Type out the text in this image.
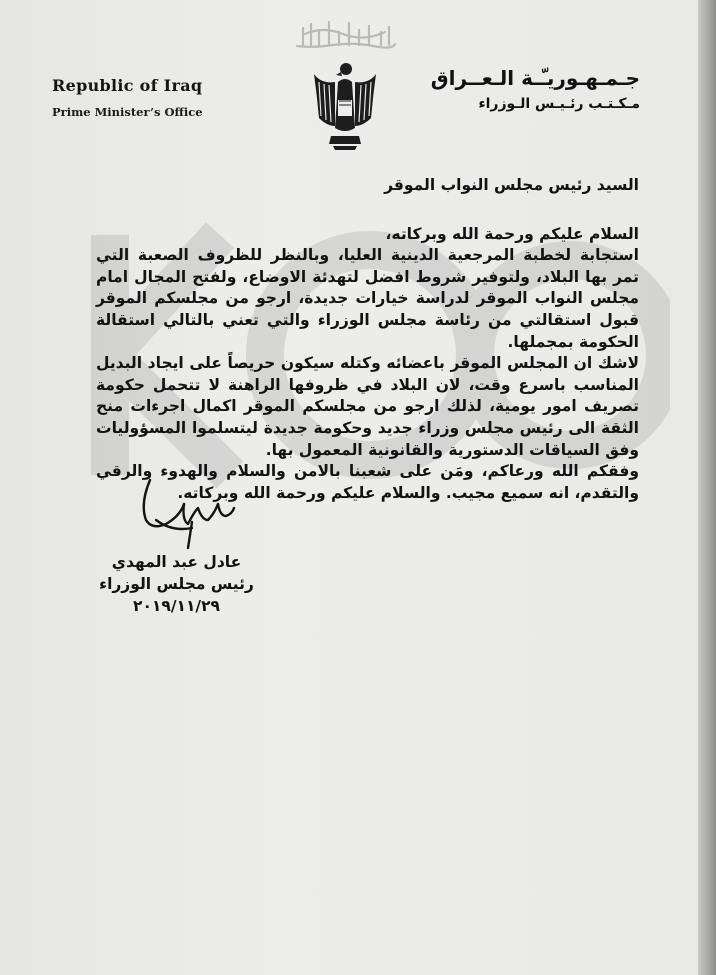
Republic of Iraq
Prime Minister’s Office
جـمـهـوريـّـة الـعــراق
مـكـتـب رئـيـس الـوزراء
السيد رئيس مجلس النواب الموقر
السلام عليكم ورحمة الله وبركاته،
استجابة لخطبة المرجعية الدينية العليا، وبالنظر للظروف الصعبة التي تمر بها البلاد، ولتوفير شروط افضل لتهدئة الاوضاع، ولفتح المجال امام مجلس النواب الموقر لدراسة خيارات جديدة، ارجو من مجلسكم الموقر قبول استقالتي من رئاسة مجلس الوزراء والتي تعني بالتالي استقالة الحكومة بمجملها.
لاشك ان المجلس الموقر باعضائه وكتله سيكون حريصاً على ايجاد البديل المناسب باسرع وقت، لان البلاد في ظروفها الراهنة لا تتحمل حكومة تصريف امور يومية، لذلك ارجو من مجلسكم الموقر اكمال اجرءات منح الثقة الى رئيس مجلس وزراء جديد وحكومة جديدة ليتسلموا المسؤوليات وفق السياقات الدستورية والقانونية المعمول بها.
وفقكم الله ورعاكم، ومَن على شعبنا بالامن والسلام والهدوء والرقي والتقدم، انه سميع مجيب. والسلام عليكم ورحمة الله وبركاته.
عادل عبد المهدي
رئيس مجلس الوزراء
٢٠١٩/١١/٢٩
